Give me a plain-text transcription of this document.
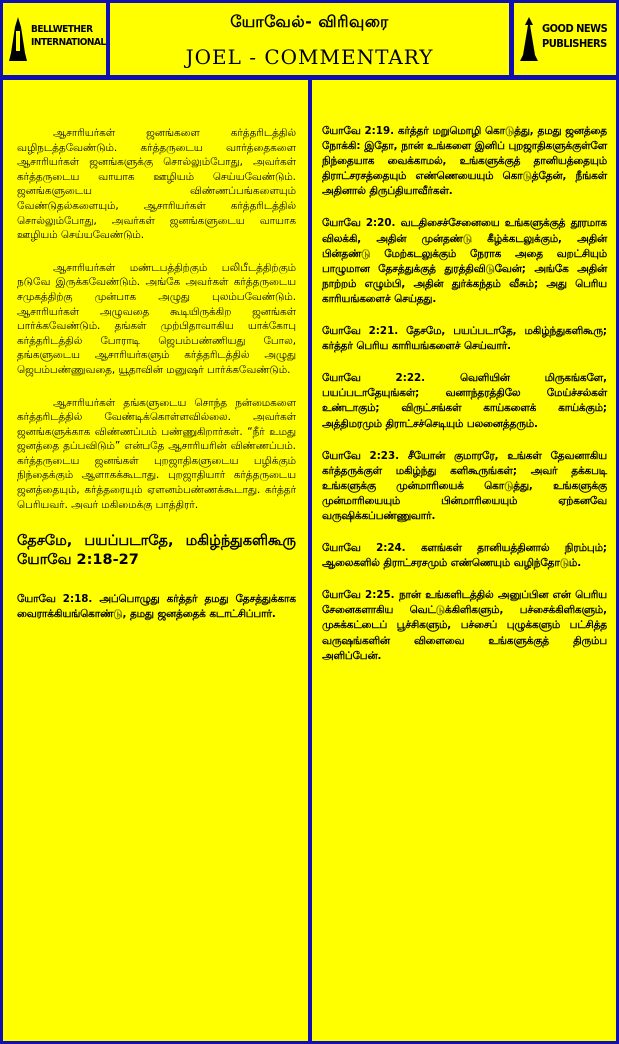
BELLWETHER INTERNATIONAL
யோவேல்- விரிவுரை
JOEL - COMMENTARY
GOOD NEWS PUBLISHERS

ஆசாரியர்கள் ஜனங்களை கர்த்தரிடத்தில் வழிநடத்தவேண்டும். கர்த்தருடைய வார்த்தைகளை ஆசாரியர்கள் ஜனங்களுக்கு சொல்லும்போது, அவர்கள் கர்த்தருடைய வாயாக ஊழியம் செய்யவேண்டும். ஜனங்களுடைய விண்ணப்பங்களையும் வேண்டுதல்களையும், ஆசாரியர்கள் கர்த்தரிடத்தில் சொல்லும்போது, அவர்கள் ஜனங்களுடைய வாயாக ஊழியம் செய்யவேண்டும்.

ஆசாரியர்கள் மண்டபத்திற்கும் பலிபீடத்திற்கும் நடுவே இருக்கவேண்டும். அங்கே அவர்கள் கர்த்தருடைய சமுகத்திற்கு முன்பாக அழுது புலம்பவேண்டும். ஆசாரியர்கள் அழுவதை கூடியிருக்கிற ஜனங்கள் பார்க்கவேண்டும். தங்கள் முற்பிதாவாகிய யாக்கோபு கர்த்தரிடத்தில் போராடி ஜெபம்பண்ணியது போல, தங்களுடைய ஆசாரியர்களும் கர்த்தரிடத்தில் அழுது ஜெபம்பண்ணுவதை, யூதாவின் மனுஷர் பார்க்கவேண்டும்.

ஆசாரியர்கள் தங்களுடைய சொந்த நன்மைகளை கர்த்தரிடத்தில் வேண்டிக்கொள்ளவில்லை. அவர்கள் ஜனங்களுக்காக விண்ணப்பம் பண்ணுகிறார்கள். “நீர் உமது ஜனத்தை தப்பவிடும்” என்பதே ஆசாரியரின் விண்ணப்பம். கர்த்தருடைய ஜனங்கள் புறஜாதிகளுடைய பழிக்கும் நிந்தைக்கும் ஆளாகக்கூடாது. புறஜாதியார் கர்த்தருடைய ஜனத்தையும், கர்த்தரையும் ஏளனம்பண்ணக்கூடாது. கர்த்தர் பெரியவர். அவர் மகிமைக்கு பாத்திரர்.

தேசமே, பயப்படாதே, மகிழ்ந்துகளிகூரு யோவே 2:18-27

யோவே 2:18. அப்பொழுது கர்த்தர் தமது தேசத்துக்காக வைராக்கியங்கொண்டு, தமது ஜனத்தைக் கடாட்சிப்பார்.

யோவே 2:19. கர்த்தர் மறுமொழி கொடுத்து, தமது ஜனத்தை நோக்கி: இதோ, நான் உங்களை இனிப் புறஜாதிகளுக்குள்ளே நிந்தையாக வைக்காமல், உங்களுக்குத் தானியத்தையும் திராட்சரசத்தையும் எண்ணெயையும் கொடுத்தேன், நீங்கள் அதினால் திருப்தியாவீர்கள்.

யோவே 2:20. வடதிசைச்சேனையை உங்களுக்குத் தூரமாக விலக்கி, அதின் முன்தண்டு கீழ்க்கடலுக்கும், அதின் பின்தண்டு மேற்கடலுக்கும் நேராக அதை வறட்சியும் பாழுமான தேசத்துக்குத் துரத்திவிடுவேன்; அங்கே அதின் நாற்றம் எழும்பி, அதின் துர்க்கந்தம் வீசும்; அது பெரிய காரியங்களைச் செய்தது.

யோவே 2:21. தேசமே, பயப்படாதே, மகிழ்ந்துகளிகூரு; கர்த்தர் பெரிய காரியங்களைச் செய்வார்.

யோவே 2:22. வெளியின் மிருகங்களே, பயப்படாதேயுங்கள்; வனாந்தரத்திலே மேய்ச்சல்கள் உண்டாகும்; விருட்சங்கள் காய்களைக் காய்க்கும்; அத்திமரமும் திராட்சச்செடியும் பலனைத்தரும்.

யோவே 2:23. சீயோன் குமாரரே, உங்கள் தேவனாகிய கர்த்தருக்குள் மகிழ்ந்து களிகூருங்கள்; அவர் தக்கபடி உங்களுக்கு முன்மாரியைக் கொடுத்து, உங்களுக்கு முன்மாரியையும் பின்மாரியையும் ஏற்கனவே வருஷிக்கப்பண்ணுவார்.

யோவே 2:24. களங்கள் தானியத்தினால் நிரம்பும்; ஆலைகளில் திராட்சரசமும் எண்ணெயும் வழிந்தோடும்.

யோவே 2:25. நான் உங்களிடத்தில் அனுப்பின என் பெரிய சேனைகளாகிய வெட்டுக்கிளிகளும், பச்சைக்கிளிகளும், முசுக்கட்டைப் பூச்சிகளும், பச்சைப் புழுக்களும் பட்சித்த வருஷங்களின் விளைவை உங்களுக்குத் திரும்ப அளிப்பேன்.
